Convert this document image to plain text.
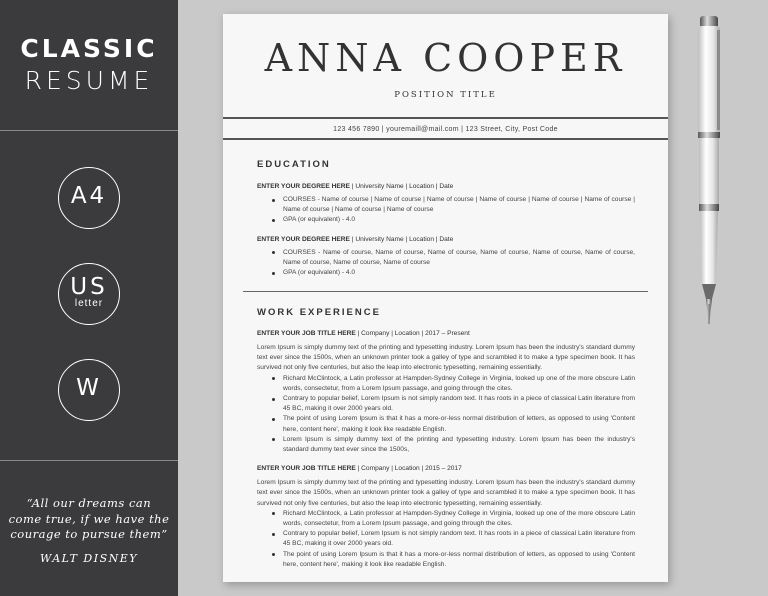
CLASSIC
RESUME
A4
US
letter
W
“All our dreams can
come true, if we have the
courage to pursue them”
WALT DISNEY
ANNA COOPER
POSITION TITLE
123 456 7890 | youremaill@mail.com | 123 Street, City, Post Code
EDUCATION
ENTER YOUR DEGREE HERE | University Name | Location | Date
COURSES - Name of course | Name of course | Name of course | Name of course | Name of course | Name of course | Name of course | Name of course | Name of course
GPA (or equivalent) - 4.0
ENTER YOUR DEGREE HERE | University Name | Location | Date
COURSES - Name of course, Name of course, Name of course, Name of course, Name of course, Name of course, Name of course, Name of course, Name of course
GPA (or equivalent) - 4.0
WORK EXPERIENCE
ENTER YOUR JOB TITLE HERE | Company | Location | 2017 – Present
Lorem Ipsum is simply dummy text of the printing and typesetting industry. Lorem Ipsum has been the industry's standard dummy text ever since the 1500s, when an unknown printer took a galley of type and scrambled it to make a type specimen book. It has survived not only five centuries, but also the leap into electronic typesetting, remaining essentially.
Richard McClintock, a Latin professor at Hampden-Sydney College in Virginia, looked up one of the more obscure Latin words, consectetur, from a Lorem Ipsum passage, and going through the cites.
Contrary to popular belief, Lorem Ipsum is not simply random text. It has roots in a piece of classical Latin literature from 45 BC, making it over 2000 years old.
The point of using Lorem Ipsum is that it has a more-or-less normal distribution of letters, as opposed to using 'Content here, content here', making it look like readable English.
Lorem Ipsum is simply dummy text of the printing and typesetting industry. Lorem Ipsum has been the industry's standard dummy text ever since the 1500s,
ENTER YOUR JOB TITLE HERE | Company | Location | 2015 – 2017
Lorem Ipsum is simply dummy text of the printing and typesetting industry. Lorem Ipsum has been the industry's standard dummy text ever since the 1500s, when an unknown printer took a galley of type and scrambled it to make a type specimen book. It has survived not only five centuries, but also the leap into electronic typesetting, remaining essentially.
Richard McClintock, a Latin professor at Hampden-Sydney College in Virginia, looked up one of the more obscure Latin words, consectetur, from a Lorem Ipsum passage, and going through the cites.
Contrary to popular belief, Lorem Ipsum is not simply random text. It has roots in a piece of classical Latin literature from 45 BC, making it over 2000 years old.
The point of using Lorem Ipsum is that it has a more-or-less normal distribution of letters, as opposed to using 'Content here, content here', making it look like readable English.
